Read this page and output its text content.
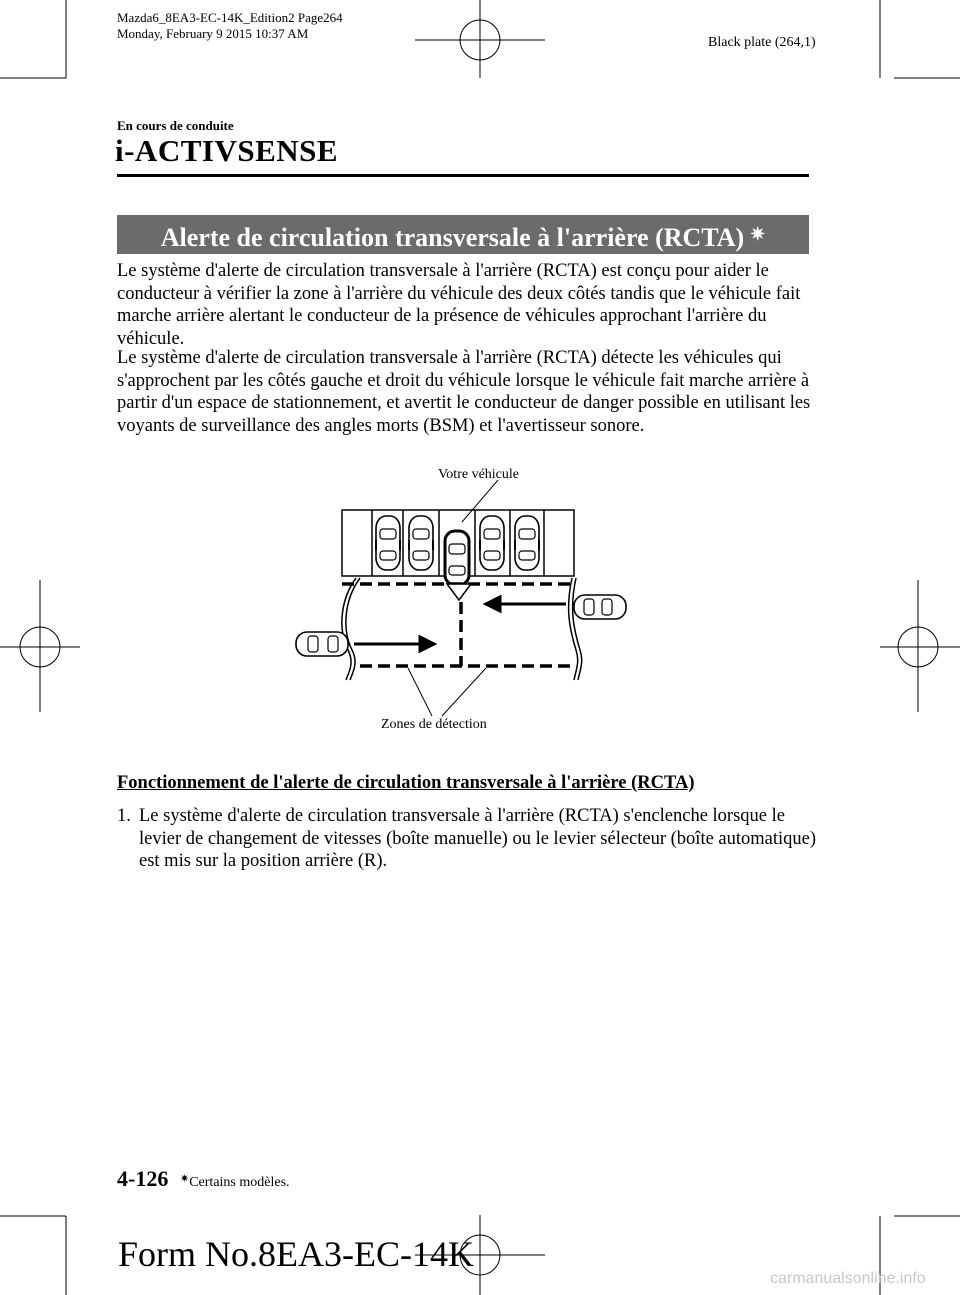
Mazda6_8EA3-EC-14K_Edition2 Page264
Monday, February 9 2015 10:37 AM
Black plate (264,1)
En cours de conduite
i-ACTIVSENSE
Alerte de circulation transversale à l'arrière (RCTA) ✷
Le système d'alerte de circulation transversale à l'arrière (RCTA) est conçu pour aider le conducteur à vérifier la zone à l'arrière du véhicule des deux côtés tandis que le véhicule fait marche arrière alertant le conducteur de la présence de véhicules approchant l'arrière du véhicule.
Le système d'alerte de circulation transversale à l'arrière (RCTA) détecte les véhicules qui s'approchent par les côtés gauche et droit du véhicule lorsque le véhicule fait marche arrière à partir d'un espace de stationnement, et avertit le conducteur de danger possible en utilisant les voyants de surveillance des angles morts (BSM) et l'avertisseur sonore.
Votre véhicule
Zones de détection
Fonctionnement de l'alerte de circulation transversale à l'arrière (RCTA)
1. Le système d'alerte de circulation transversale à l'arrière (RCTA) s'enclenche lorsque le levier de changement de vitesses (boîte manuelle) ou le levier sélecteur (boîte automatique) est mis sur la position arrière (R).
4-126 ✷Certains modèles.
Form No.8EA3-EC-14K
carmanualsonline.info
